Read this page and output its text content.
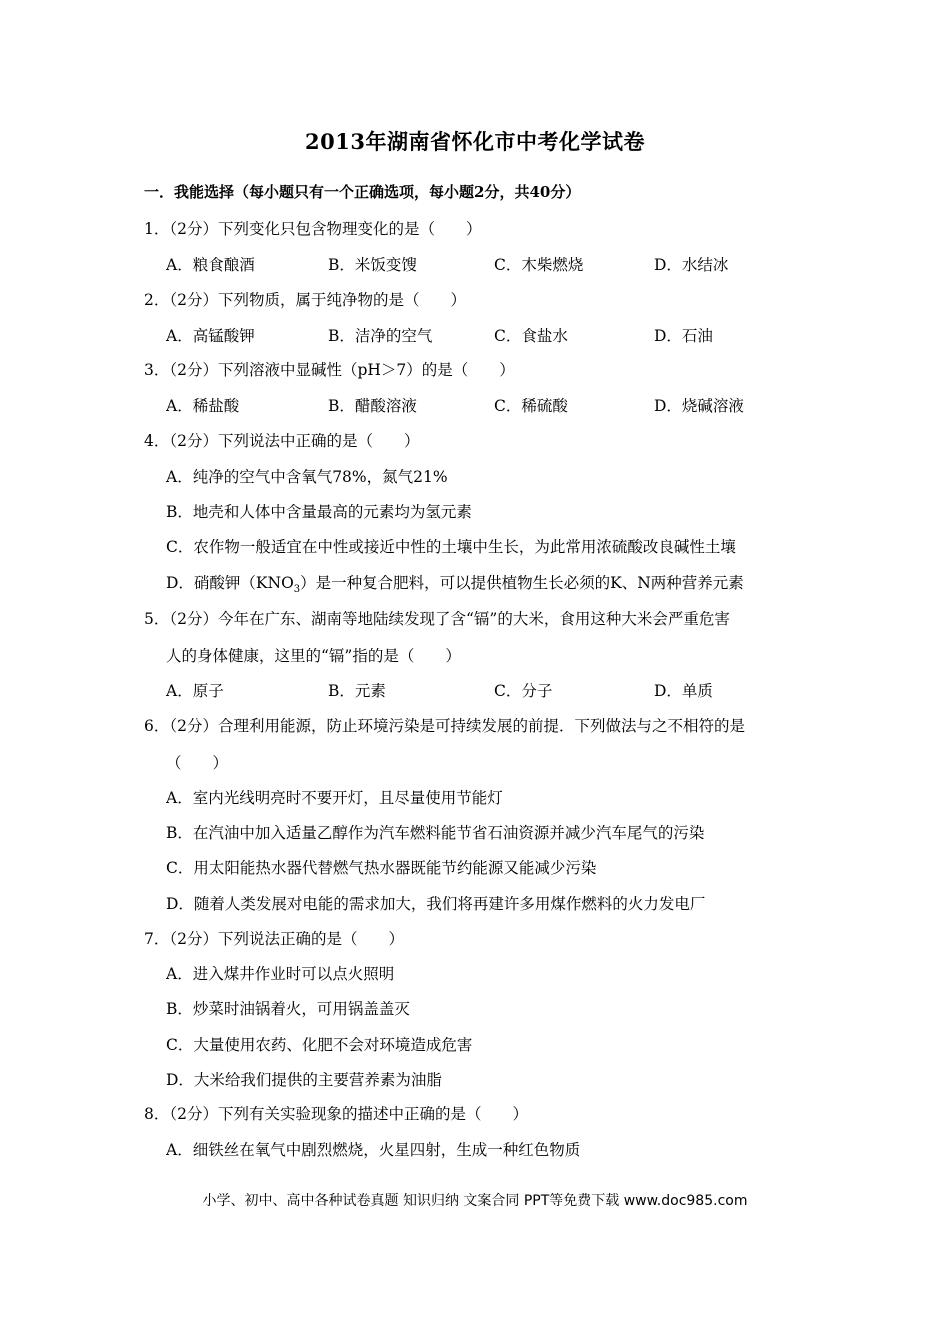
2013年湖南省怀化市中考化学试卷
一．我能选择（每小题只有一个正确选项，每小题2分，共40分）
1．（2分）下列变化只包含物理变化的是（　　）
A．粮食酿酒	B．米饭变馊	C．木柴燃烧	D．水结冰
2．（2分）下列物质，属于纯净物的是（　　）
A．高锰酸钾	B．洁净的空气	C．食盐水	D．石油
3．（2分）下列溶液中显碱性（pH＞7）的是（　　）
A．稀盐酸	B．醋酸溶液	C．稀硫酸	D．烧碱溶液
4．（2分）下列说法中正确的是（　　）
A．纯净的空气中含氧气78%，氮气21%
B．地壳和人体中含量最高的元素均为氢元素
C．农作物一般适宜在中性或接近中性的土壤中生长，为此常用浓硫酸改良碱性土壤
D．硝酸钾$(KNO_3)$是一种复合肥料，可以提供植物生长必须的K、N两种营养元素
5．（2分）今年在广东、湖南等地陆续发现了含“镉”的大米，食用这种大米会严重危害
人的身体健康，这里的“镉”指的是（　　）
A．原子	B．元素	C．分子	D．单质
6．（2分）合理利用能源，防止环境污染是可持续发展的前提．下列做法与之不相符的是
（　　）
A．室内光线明亮时不要开灯，且尽量使用节能灯
B．在汽油中加入适量乙醇作为汽车燃料能节省石油资源并减少汽车尾气的污染
C．用太阳能热水器代替燃气热水器既能节约能源又能减少污染
D．随着人类发展对电能的需求加大，我们将再建许多用煤作燃料的火力发电厂
7．（2分）下列说法正确的是（　　）
A．进入煤井作业时可以点火照明
B．炒菜时油锅着火，可用锅盖盖灭
C．大量使用农药、化肥不会对环境造成危害
D．大米给我们提供的主要营养素为油脂
8．（2分）下列有关实验现象的描述中正确的是（　　）
A．细铁丝在氧气中剧烈燃烧，火星四射，生成一种红色物质
小学、初中、高中各种试卷真题 知识归纳 文案合同 PPT等免费下载 www.doc985.com
